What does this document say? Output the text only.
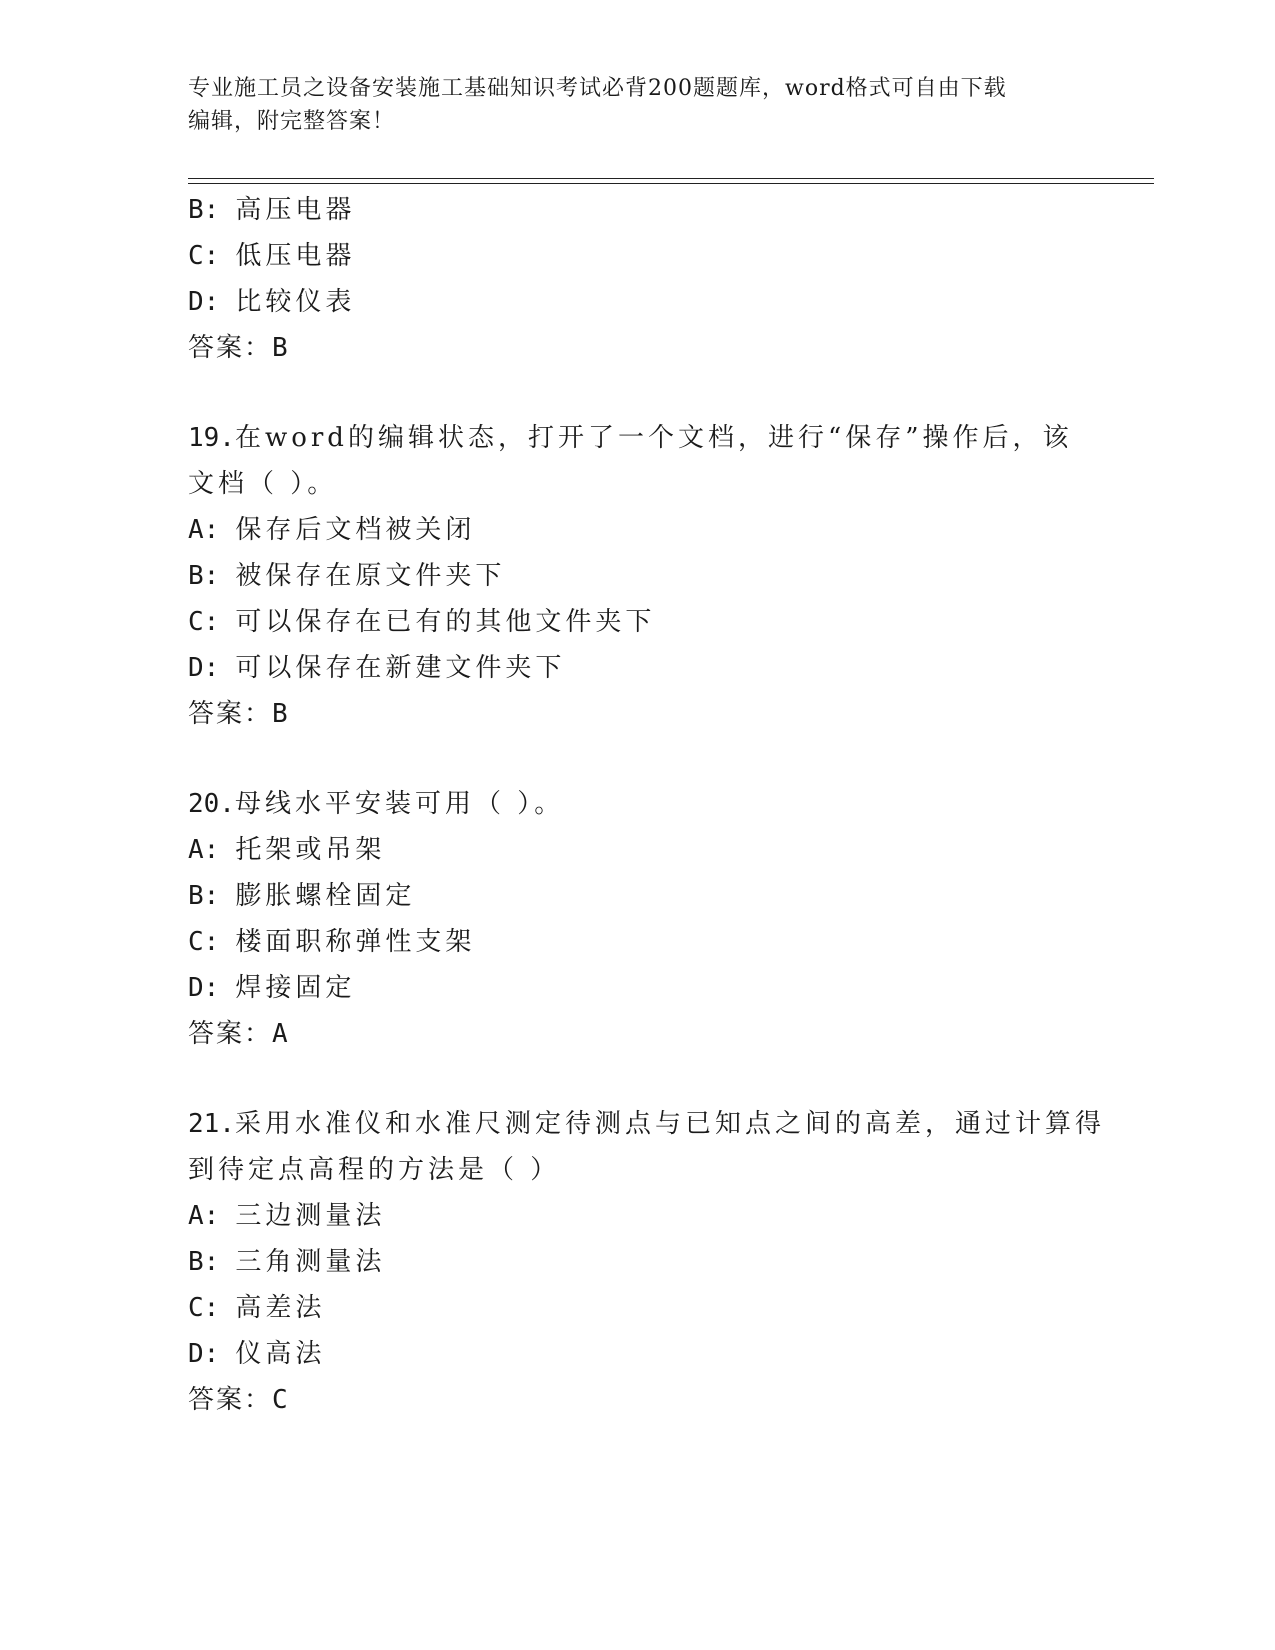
专业施工员之设备安装施工基础知识考试必背200题题库，word格式可自由下载
编辑，附完整答案！
B: 高压电器
C: 低压电器
D: 比较仪表
答案：B
19.在word的编辑状态，打开了一个文档，进行“保存”操作后，该
文档（ ）。
A: 保存后文档被关闭
B: 被保存在原文件夹下
C: 可以保存在已有的其他文件夹下
D: 可以保存在新建文件夹下
答案：B
20.母线水平安装可用（ ）。
A: 托架或吊架
B: 膨胀螺栓固定
C: 楼面职称弹性支架
D: 焊接固定
答案：A
21.采用水准仪和水准尺测定待测点与已知点之间的高差，通过计算得
到待定点高程的方法是（ ）
A: 三边测量法
B: 三角测量法
C: 高差法
D: 仪高法
答案：C
